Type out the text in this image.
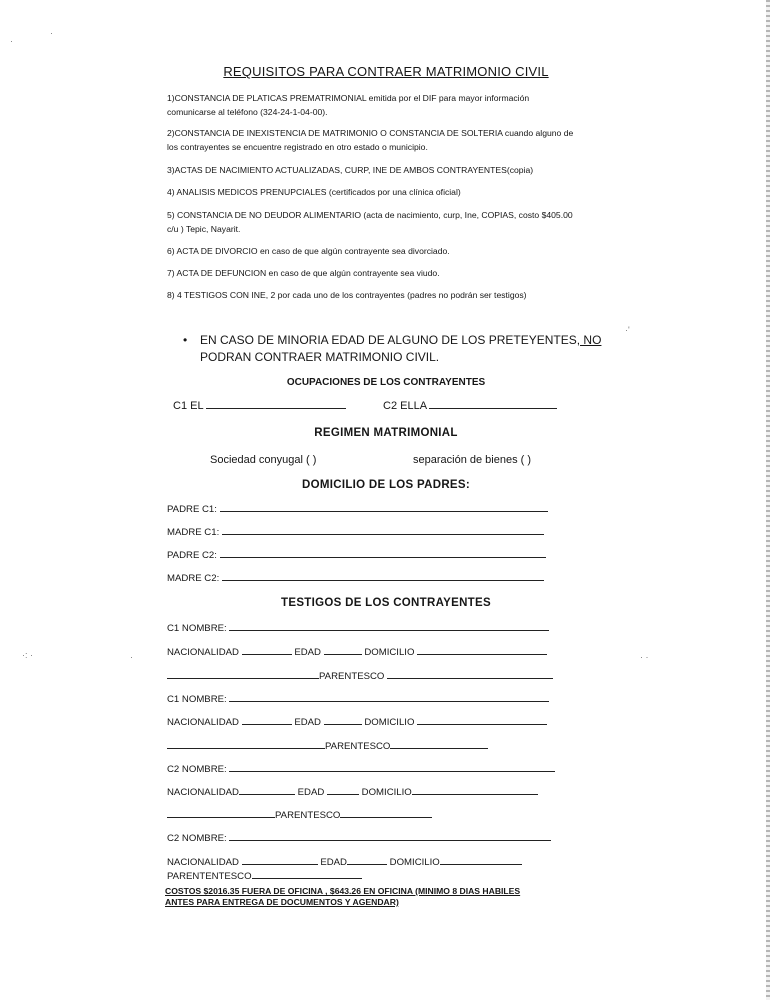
·
·
·: ·	·
·'
· ·
REQUISITOS PARA CONTRAER MATRIMONIO CIVIL
1)CONSTANCIA DE PLATICAS PREMATRIMONIAL emitida por el DIF para mayor información comunicarse al teléfono (324-24-1-04-00).
2)CONSTANCIA DE INEXISTENCIA DE MATRIMONIO O CONSTANCIA DE SOLTERIA cuando alguno de los contrayentes se encuentre registrado en otro estado o municipio.
3)ACTAS DE NACIMIENTO ACTUALIZADAS, CURP, INE DE AMBOS CONTRAYENTES(copia)
4) ANALISIS MEDICOS PRENUPCIALES (certificados por una clínica oficial)
5) CONSTANCIA DE NO DEUDOR ALIMENTARIO (acta de nacimiento, curp, Ine, COPIAS, costo $405.00 c/u ) Tepic, Nayarit.
6) ACTA DE DIVORCIO en caso de que algún contrayente sea divorciado.
7) ACTA DE DEFUNCION en caso de que algún contrayente sea viudo.
8) 4 TESTIGOS CON INE, 2 por cada uno de los contrayentes (padres no podrán ser testigos)
• EN CASO DE MINORIA EDAD DE ALGUNO DE LOS PRETEYENTES, NO
PODRAN CONTRAER MATRIMONIO CIVIL.
OCUPACIONES DE LOS CONTRAYENTES
C1 EL	C2 ELLA
REGIMEN MATRIMONIAL
Sociedad conyugal ( )	separación de bienes ( )
DOMICILIO DE LOS PADRES:
PADRE C1:
MADRE C1:
PADRE C2:
MADRE C2:
TESTIGOS DE LOS CONTRAYENTES
C1 NOMBRE:
NACIONALIDAD	EDAD	DOMICILIO
PARENTESCO
C1 NOMBRE:
NACIONALIDAD	EDAD	DOMICILIO
PARENTESCO
C2 NOMBRE:
NACIONALIDAD	EDAD	DOMICILIO
PARENTESCO
C2 NOMBRE:
NACIONALIDAD	EDAD	DOMICILIO
PARENTENTESCO
COSTOS $2016.35 FUERA DE OFICINA , $643.26 EN OFICINA (MINIMO 8 DIAS HABILES
ANTES PARA ENTREGA DE DOCUMENTOS Y AGENDAR)
